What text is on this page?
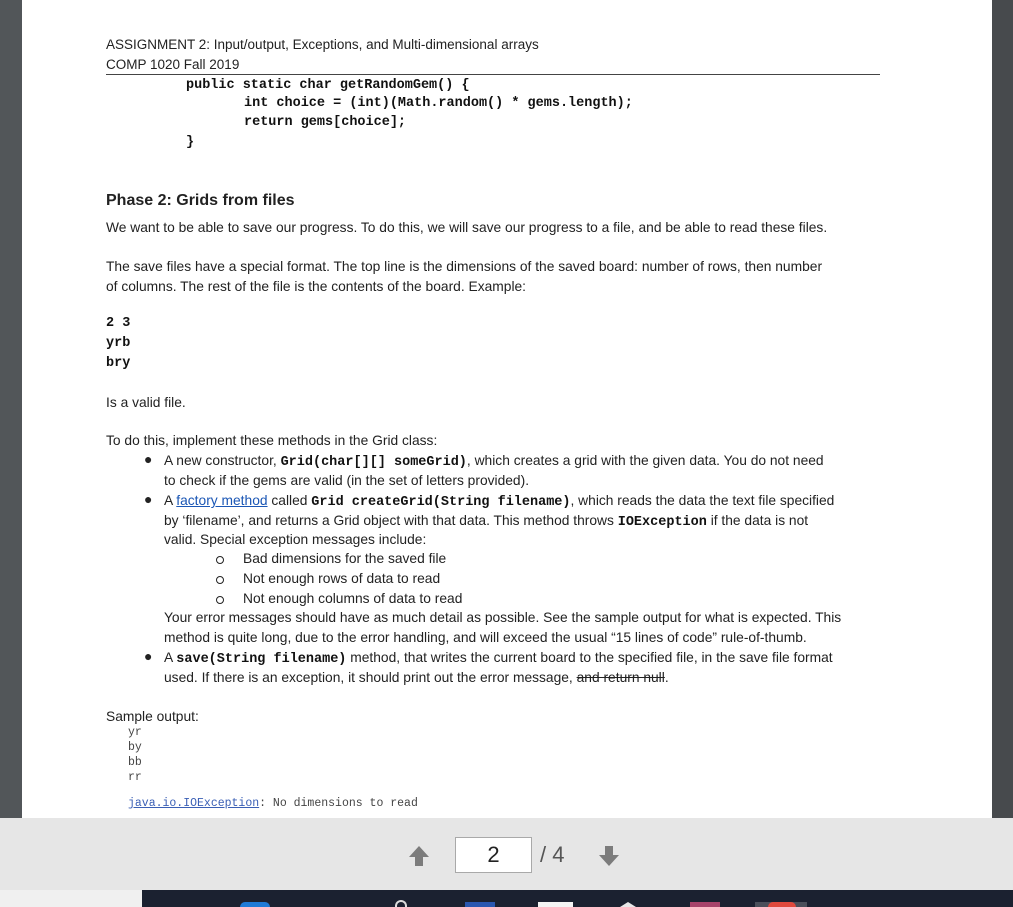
ASSIGNMENT 2: Input/output, Exceptions, and Multi-dimensional arrays
COMP 1020 Fall 2019
public static char getRandomGem() {
int choice = (int)(Math.random() * gems.length);
return gems[choice];
}
Phase 2: Grids from files
We want to be able to save our progress. To do this, we will save our progress to a file, and be able to read these files.
The save files have a special format. The top line is the dimensions of the saved board: number of rows, then number
of columns. The rest of the file is the contents of the board. Example:
2 3
yrb
bry
Is a valid file.
To do this, implement these methods in the Grid class:
● A new constructor, Grid(char[][] someGrid), which creates a grid with the given data. You do not need
to check if the gems are valid (in the set of letters provided).
● A factory method called Grid createGrid(String filename), which reads the data the text file specified
by ‘filename’, and returns a Grid object with that data. This method throws IOException if the data is not
valid. Special exception messages include:
Bad dimensions for the saved file
Not enough rows of data to read
Not enough columns of data to read
Your error messages should have as much detail as possible. See the sample output for what is expected. This
method is quite long, due to the error handling, and will exceed the usual “15 lines of code” rule-of-thumb.
● A save(String filename) method, that writes the current board to the specified file, in the save file format
used. If there is an exception, it should print out the error message, and return null.
Sample output:
yr
by
bb
rr
java.io.IOException: No dimensions to read
2	/ 4
